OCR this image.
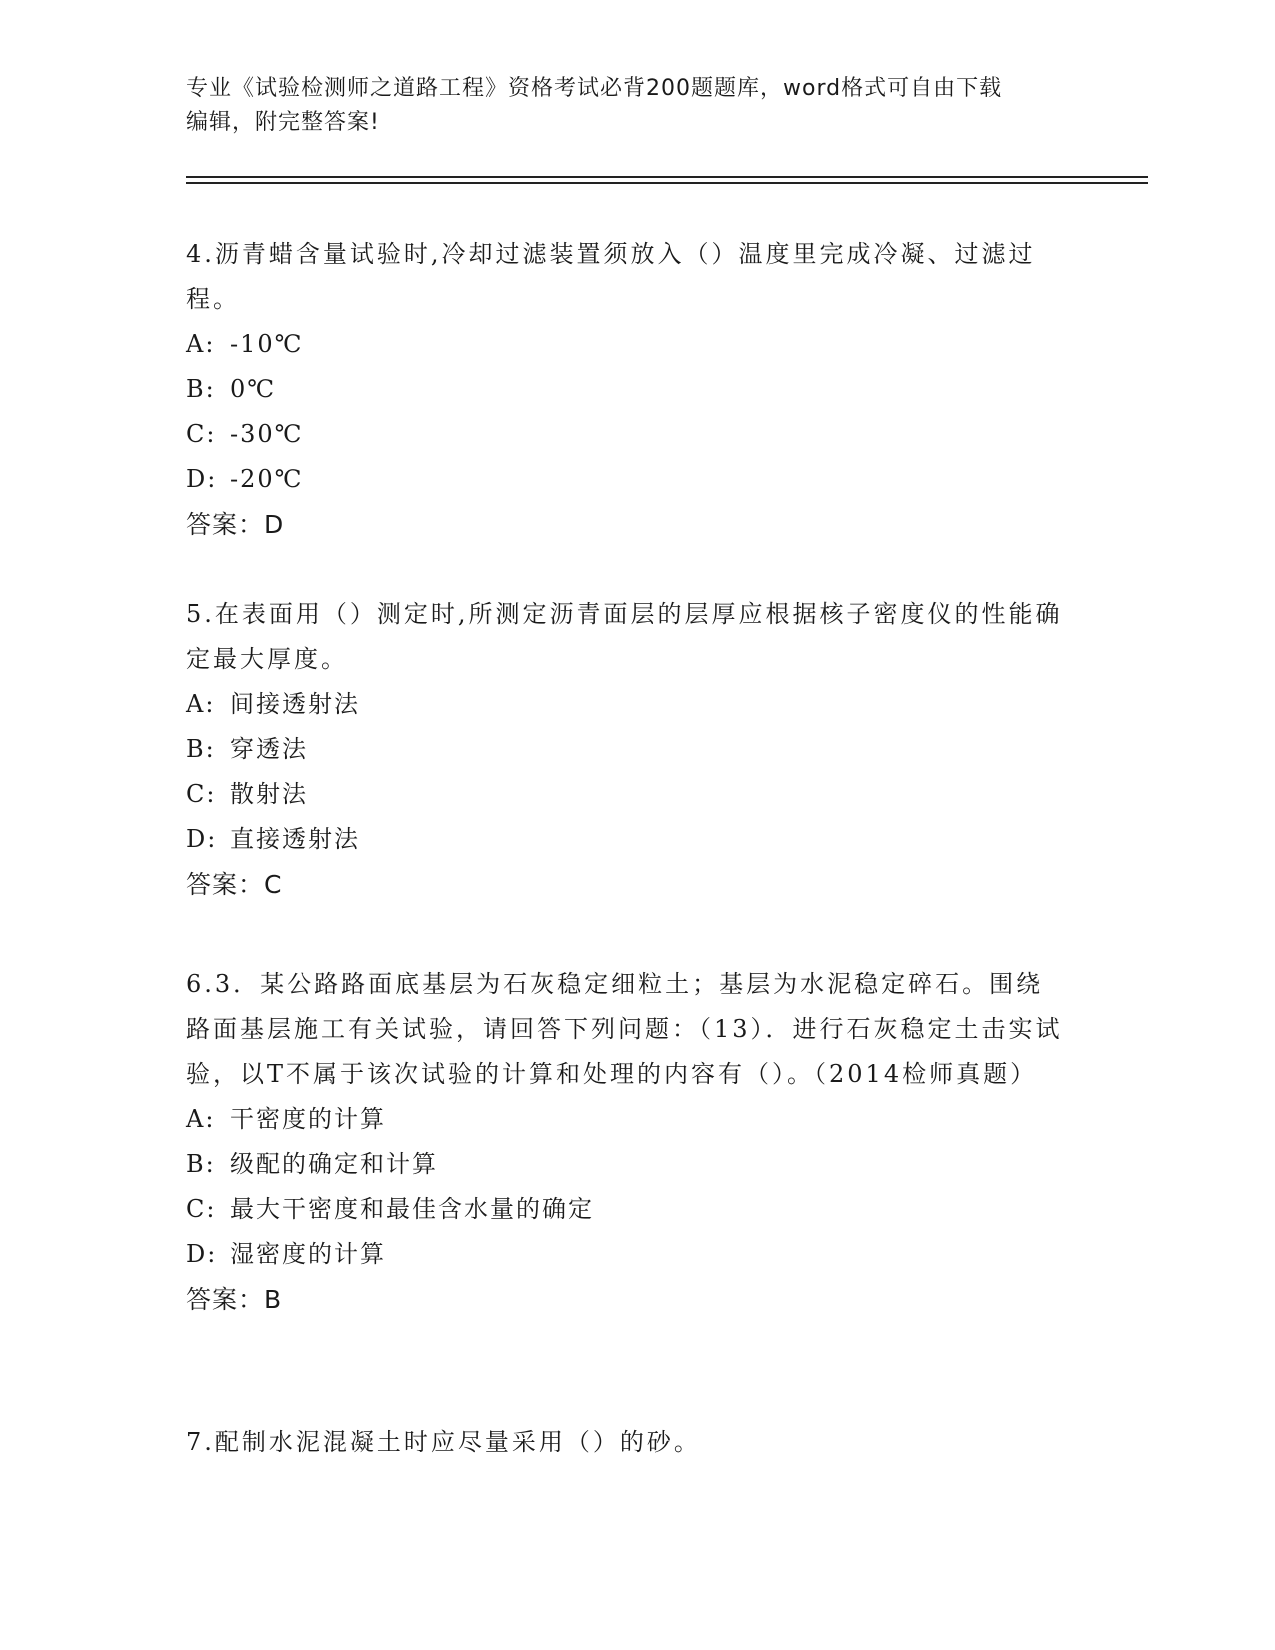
专业《试验检测师之道路工程》资格考试必背200题题库，word格式可自由下载
编辑，附完整答案!

4.沥青蜡含量试验时,冷却过滤装置须放入（）温度里完成冷凝、过滤过程。

A: -10℃

B: 0℃

C: -30℃

D: -20℃

答案：D

5.在表面用（）测定时,所测定沥青面层的层厚应根据核子密度仪的性能确定最大厚度。

A: 间接透射法

B: 穿透法

C: 散射法

D: 直接透射法

答案：C

6.3．某公路路面底基层为石灰稳定细粒土；基层为水泥稳定碎石。围绕路面基层施工有关试验，请回答下列问题：（13）．进行石灰稳定土击实试验，以T不属于该次试验的计算和处理的内容有（）。（2014检师真题）

A: 干密度的计算

B: 级配的确定和计算

C: 最大干密度和最佳含水量的确定

D: 湿密度的计算

答案：B

7.配制水泥混凝土时应尽量采用（）的砂。
